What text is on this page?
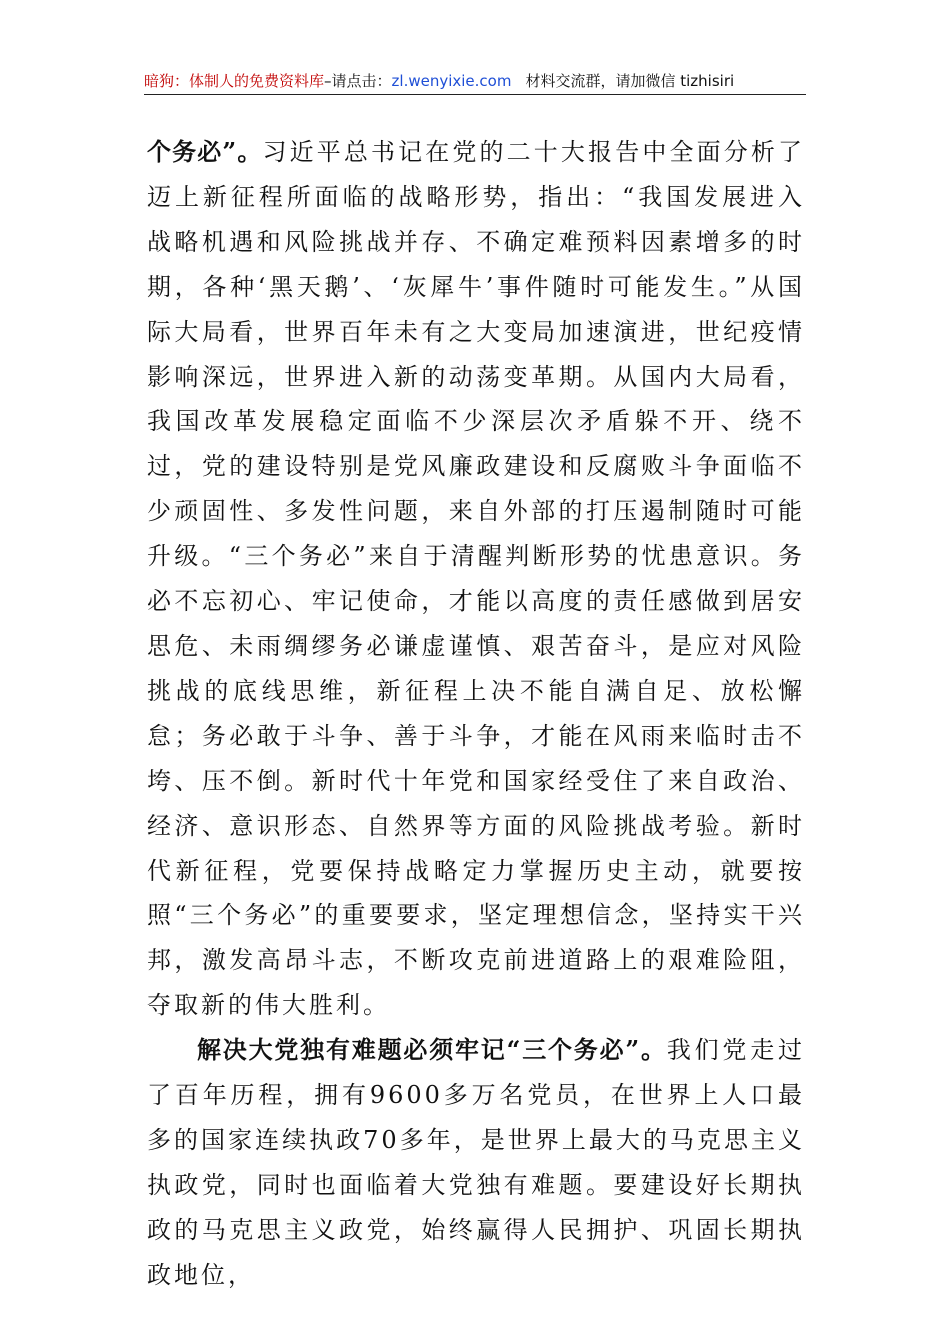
暗狗：体制人的免费资料库–请点击：zl.wenyixie.com 材料交流群，请加微信 tizhisiri

个务必”。习近平总书记在党的二十大报告中全面分析了迈上新征程所面临的战略形势，指出：“我国发展进入战略机遇和风险挑战并存、不确定难预料因素增多的时期，各种‘黑天鹅’、‘灰犀牛’事件随时可能发生。”从国际大局看，世界百年未有之大变局加速演进，世纪疫情影响深远，世界进入新的动荡变革期。从国内大局看，我国改革发展稳定面临不少深层次矛盾躲不开、绕不过，党的建设特别是党风廉政建设和反腐败斗争面临不少顽固性、多发性问题，来自外部的打压遏制随时可能升级。“三个务必”来自于清醒判断形势的忧患意识。务必不忘初心、牢记使命，才能以高度的责任感做到居安思危、未雨绸缪务必谦虚谨慎、艰苦奋斗，是应对风险挑战的底线思维，新征程上决不能自满自足、放松懈怠；务必敢于斗争、善于斗争，才能在风雨来临时击不垮、压不倒。新时代十年党和国家经受住了来自政治、经济、意识形态、自然界等方面的风险挑战考验。新时代新征程，党要保持战略定力掌握历史主动，就要按照“三个务必”的重要要求，坚定理想信念，坚持实干兴邦，激发高昂斗志，不断攻克前进道路上的艰难险阻，夺取新的伟大胜利。

解决大党独有难题必须牢记“三个务必”。我们党走过了百年历程，拥有9600多万名党员，在世界上人口最多的国家连续执政70多年，是世界上最大的马克思主义执政党，同时也面临着大党独有难题。要建设好长期执政的马克思主义政党，始终赢得人民拥护、巩固长期执政地位，
